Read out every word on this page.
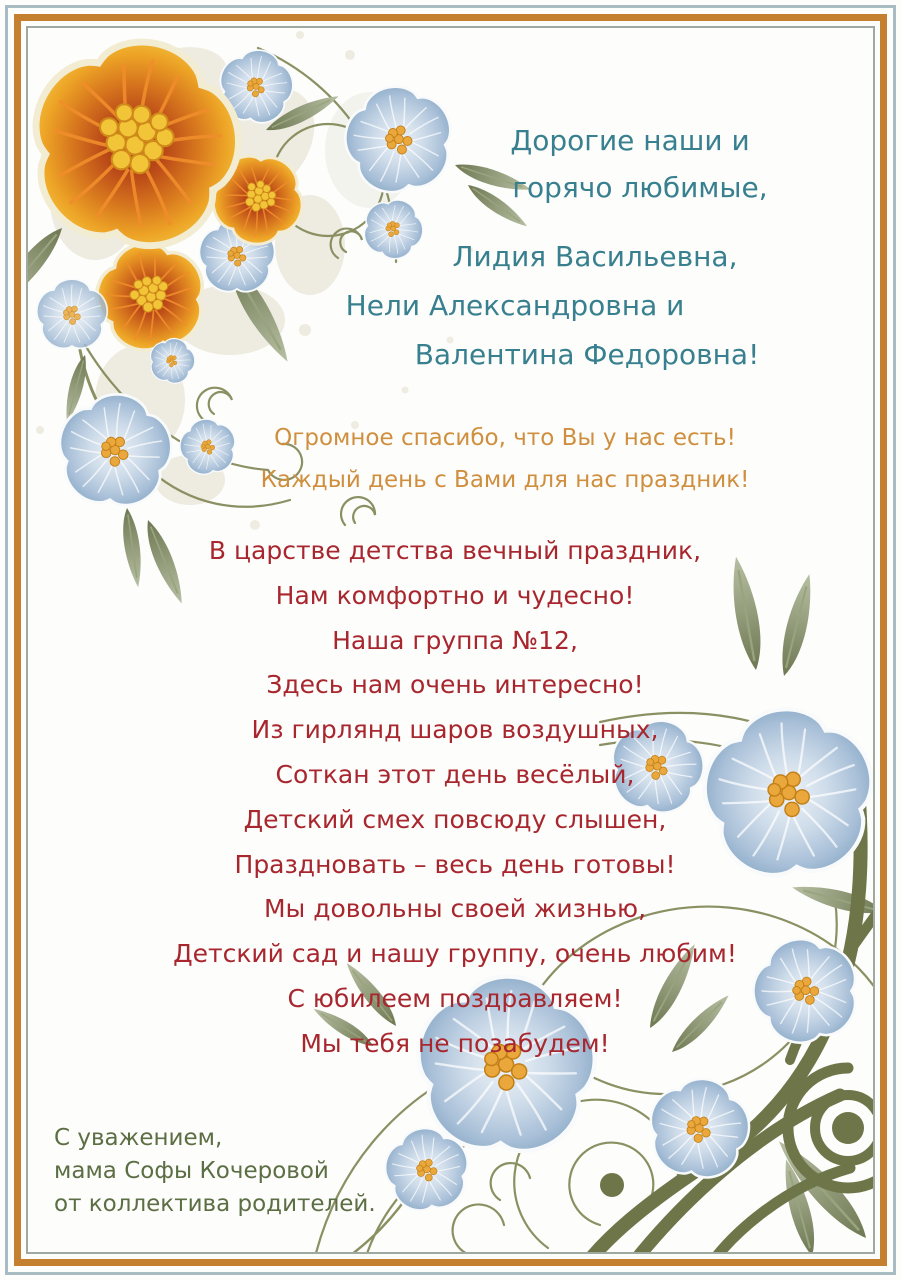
Дорогие наши и
горячо любимые,
Лидия Васильевна,
Нели Александровна и
Валентина Федоровна!
Огромное спасибо, что Вы у нас есть!
Каждый день с Вами для нас праздник!
В царстве детства вечный праздник,
Нам комфортно и чудесно!
Наша группа №12,
Здесь нам очень интересно!
Из гирлянд шаров воздушных,
Соткан этот день весёлый,
Детский смех повсюду слышен,
Праздновать – весь день готовы!
Мы довольны своей жизнью,
Детский сад и нашу группу, очень любим!
С юбилеем поздравляем!
Мы тебя не позабудем!
С уважением,
мама Софы Кочеровой
от коллектива родителей.
